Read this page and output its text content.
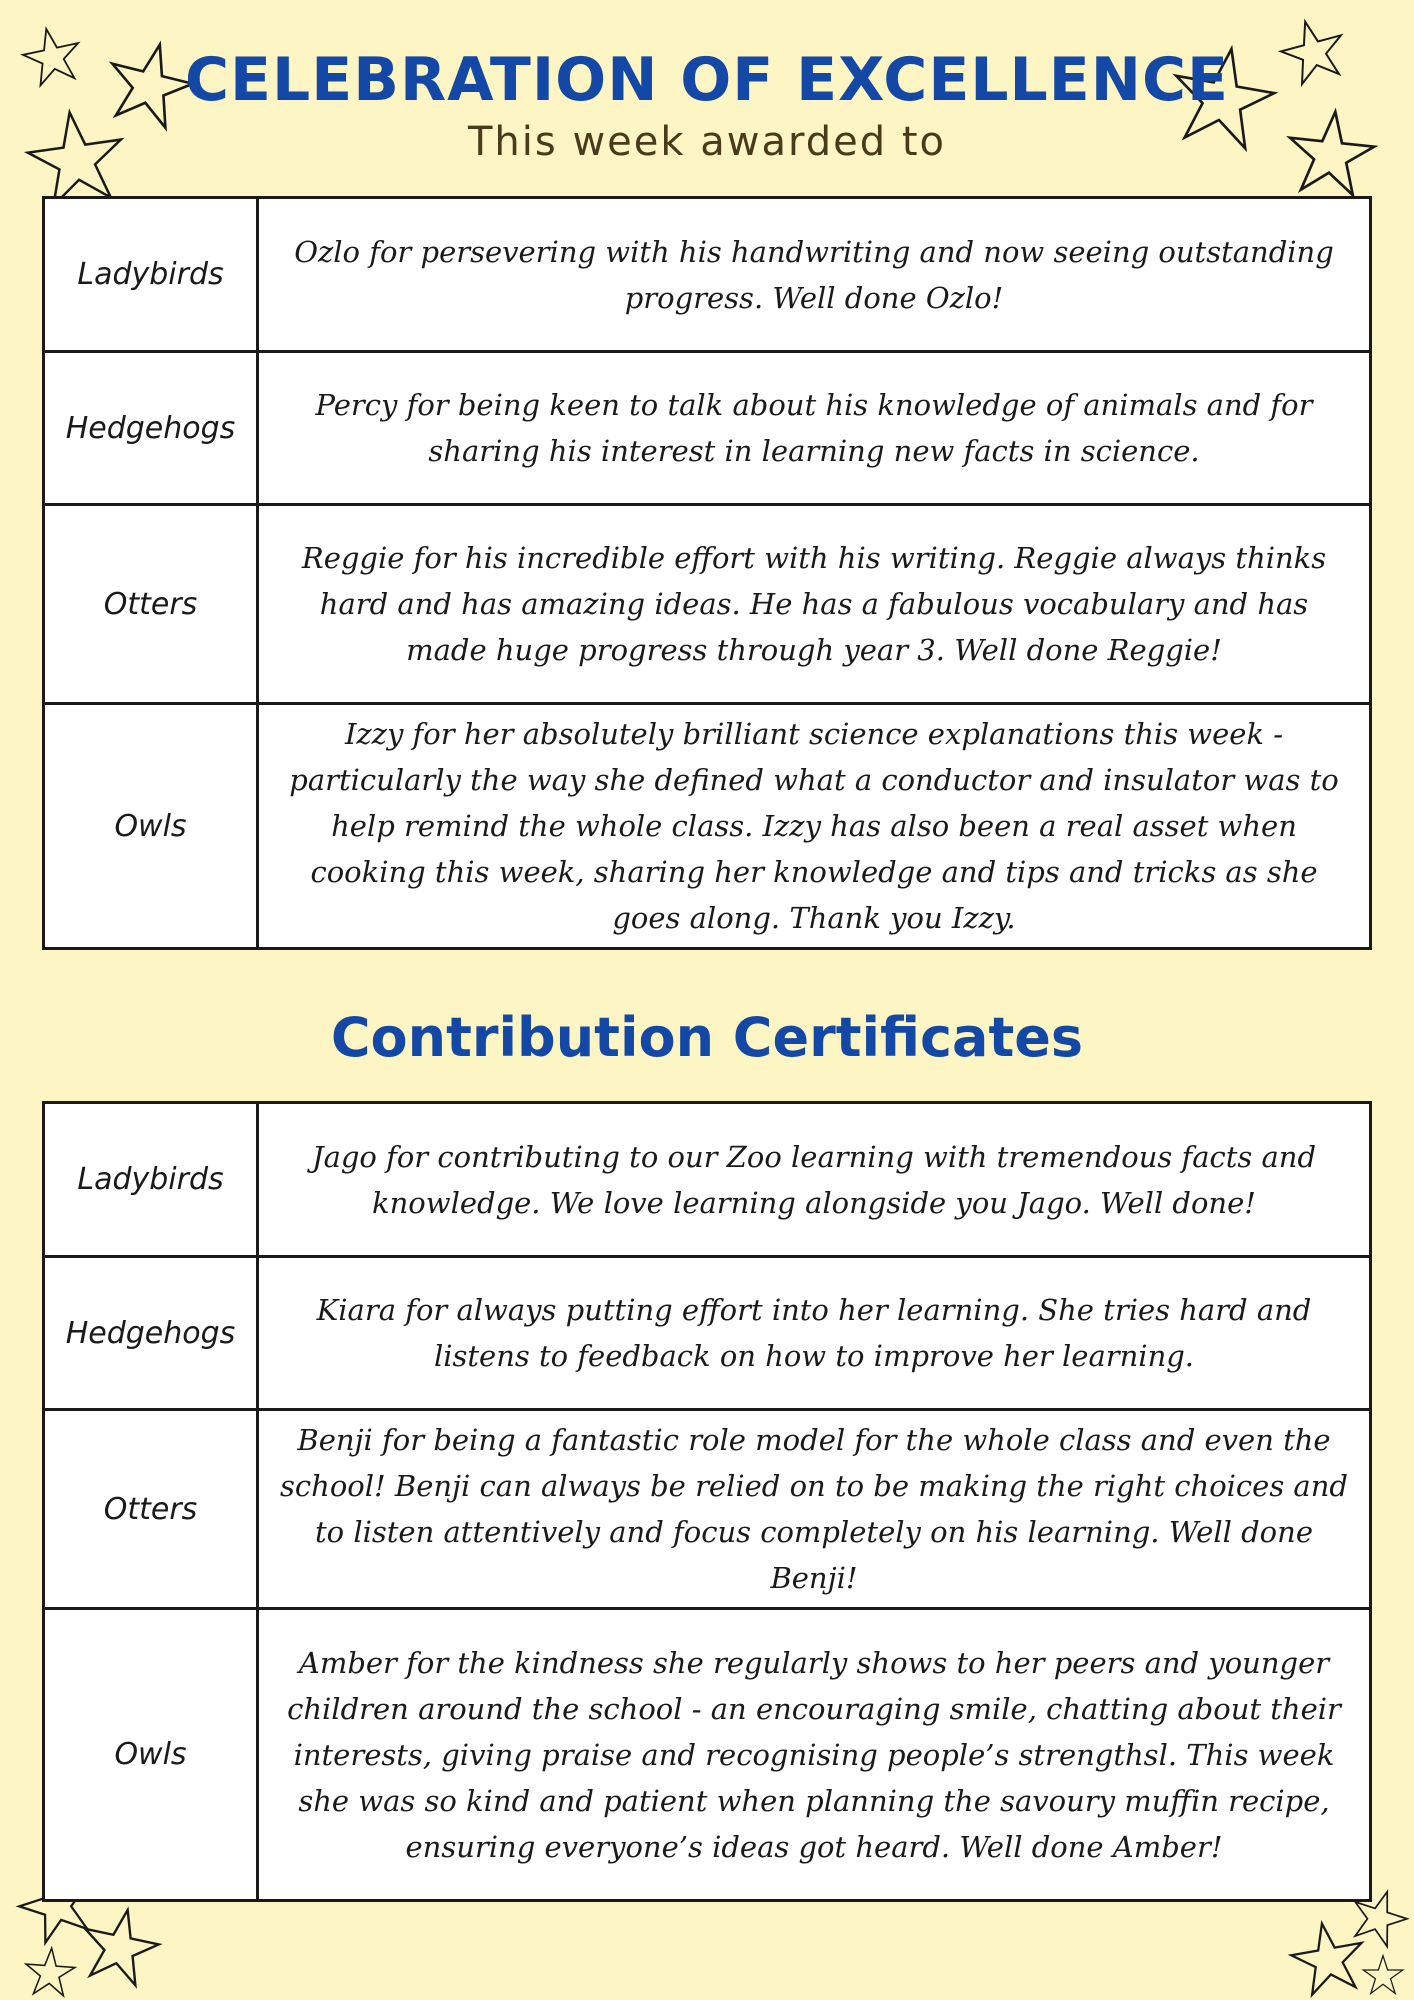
CELEBRATION OF EXCELLENCE
This week awarded to
Ladybirds	Ozlo for persevering with his handwriting and now seeing outstanding progress. Well done Ozlo!
Hedgehogs	Percy for being keen to talk about his knowledge of animals and for sharing his interest in learning new facts in science.
Otters	Reggie for his incredible effort with his writing. Reggie always thinks hard and has amazing ideas. He has a fabulous vocabulary and has made huge progress through year 3. Well done Reggie!
Owls	Izzy for her absolutely brilliant science explanations this week - particularly the way she defined what a conductor and insulator was to help remind the whole class. Izzy has also been a real asset when cooking this week, sharing her knowledge and tips and tricks as she goes along. Thank you Izzy.
Contribution Certificates
Ladybirds	Jago for contributing to our Zoo learning with tremendous facts and knowledge. We love learning alongside you Jago. Well done!
Hedgehogs	Kiara for always putting effort into her learning. She tries hard and listens to feedback on how to improve her learning.
Otters	Benji for being a fantastic role model for the whole class and even the school! Benji can always be relied on to be making the right choices and to listen attentively and focus completely on his learning. Well done Benji!
Owls	Amber for the kindness she regularly shows to her peers and younger children around the school - an encouraging smile, chatting about their interests, giving praise and recognising people’s strengthsl. This week she was so kind and patient when planning the savoury muffin recipe, ensuring everyone’s ideas got heard. Well done Amber!
